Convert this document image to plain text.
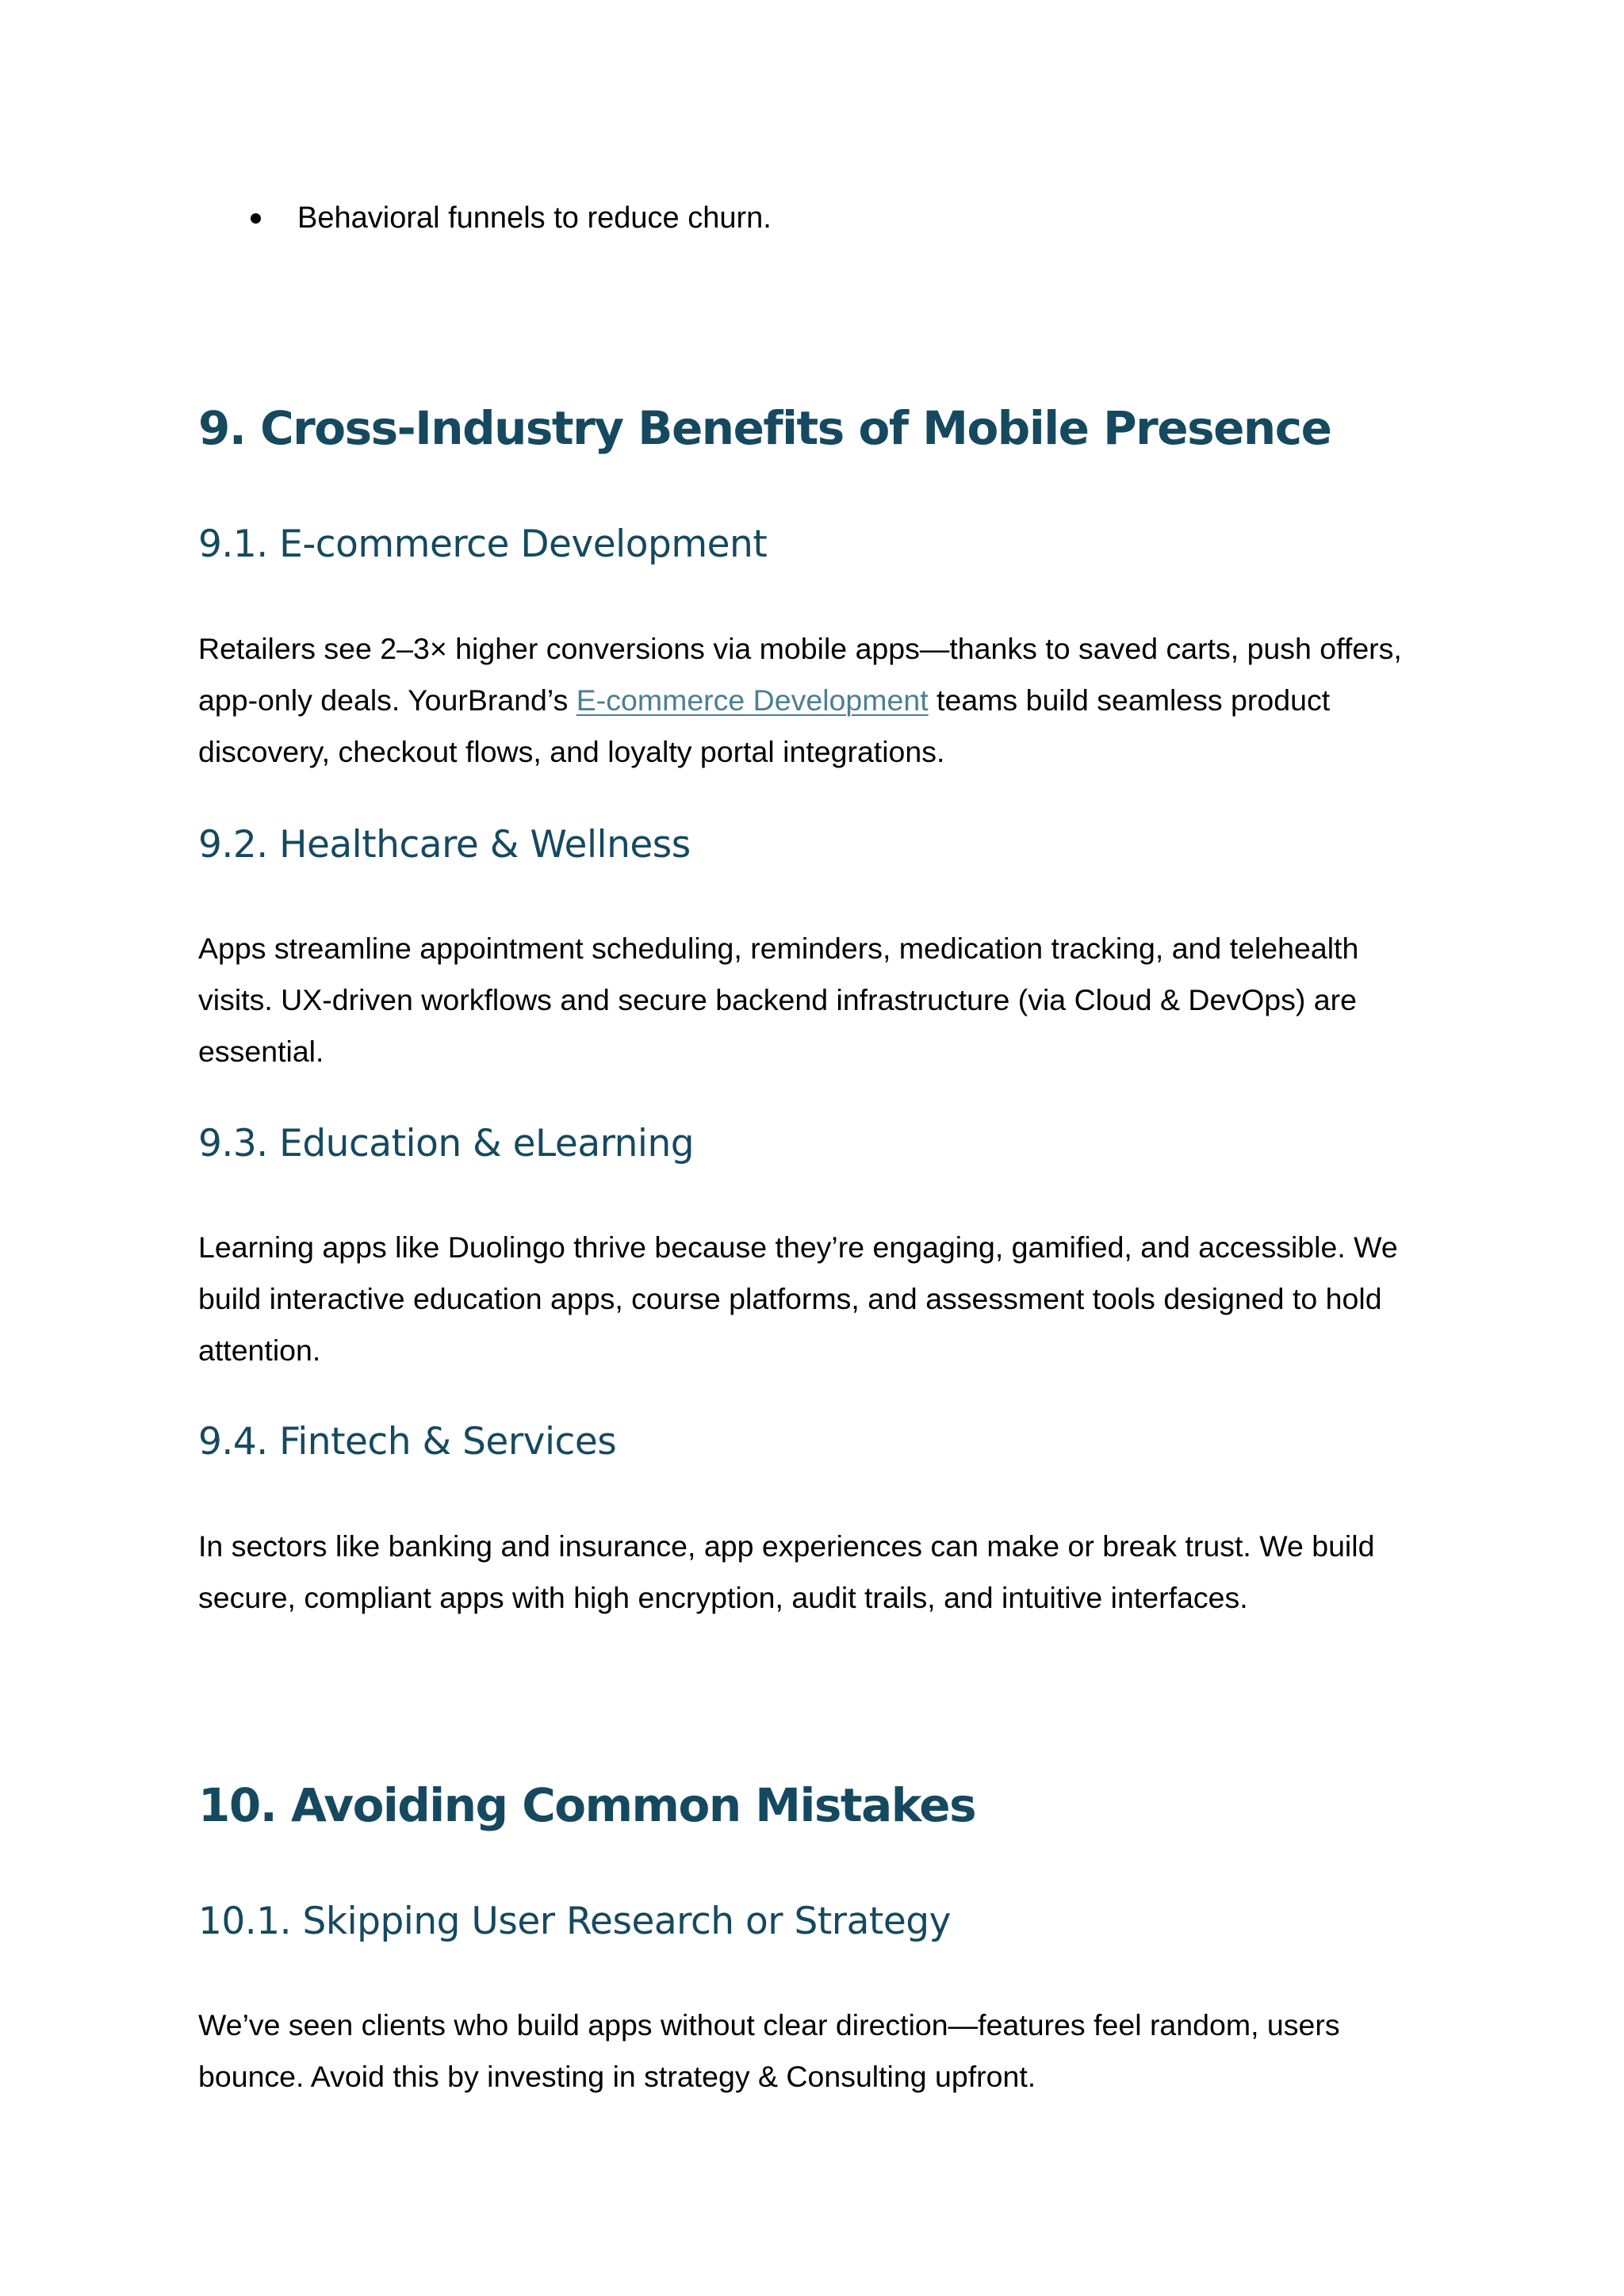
Behavioral funnels to reduce churn.
9. Cross-Industry Benefits of Mobile Presence
9.1. E-commerce Development

Retailers see 2–3× higher conversions via mobile apps—thanks to saved carts, push offers, app-only deals. YourBrand’s E-commerce Development teams build seamless product discovery, checkout flows, and loyalty portal integrations.

9.2. Healthcare & Wellness

Apps streamline appointment scheduling, reminders, medication tracking, and telehealth visits. UX-driven workflows and secure backend infrastructure (via Cloud & DevOps) are essential.

9.3. Education & eLearning

Learning apps like Duolingo thrive because they’re engaging, gamified, and accessible. We build interactive education apps, course platforms, and assessment tools designed to hold attention.

9.4. Fintech & Services

In sectors like banking and insurance, app experiences can make or break trust. We build secure, compliant apps with high encryption, audit trails, and intuitive interfaces.

10. Avoiding Common Mistakes
10.1. Skipping User Research or Strategy

We’ve seen clients who build apps without clear direction—features feel random, users bounce. Avoid this by investing in strategy & Consulting upfront.
